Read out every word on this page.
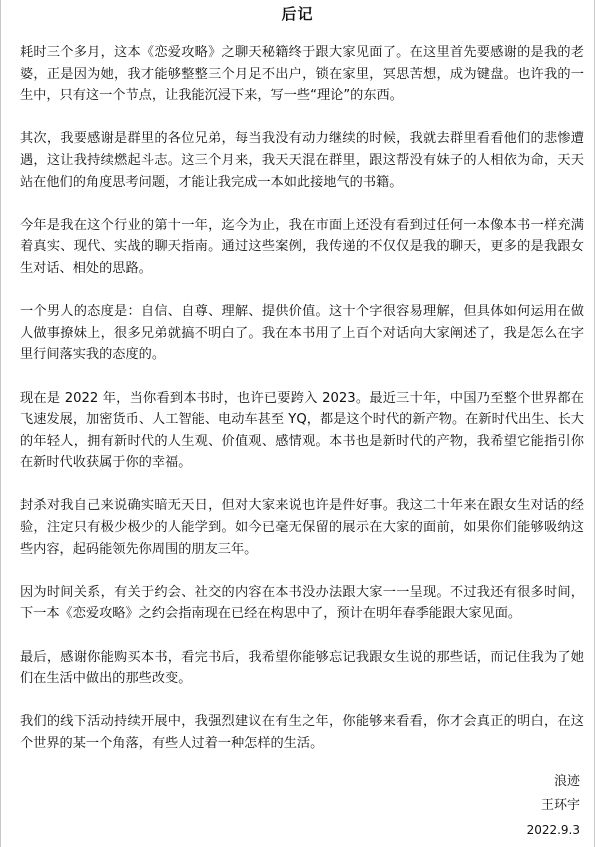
后记

耗时三个多月，这本《恋爱攻略》之聊天秘籍终于跟大家见面了。在这里首先要感谢的是我的老婆，正是因为她，我才能够整整三个月足不出户，锁在家里，冥思苦想，成为键盘。也许我的一生中，只有这一个节点，让我能沉浸下来，写一些“理论”的东西。

其次，我要感谢是群里的各位兄弟，每当我没有动力继续的时候，我就去群里看看他们的悲惨遭遇，这让我持续燃起斗志。这三个月来，我天天混在群里，跟这帮没有妹子的人相依为命，天天站在他们的角度思考问题，才能让我完成一本如此接地气的书籍。

今年是我在这个行业的第十一年，迄今为止，我在市面上还没有看到过任何一本像本书一样充满着真实、现代、实战的聊天指南。通过这些案例，我传递的不仅仅是我的聊天，更多的是我跟女生对话、相处的思路。

一个男人的态度是：自信、自尊、理解、提供价值。这十个字很容易理解，但具体如何运用在做人做事撩妹上，很多兄弟就搞不明白了。我在本书用了上百个对话向大家阐述了，我是怎么在字里行间落实我的态度的。

现在是 2022 年，当你看到本书时，也许已要跨入 2023。最近三十年，中国乃至整个世界都在飞速发展，加密货币、人工智能、电动车甚至 YQ，都是这个时代的新产物。在新时代出生、长大的年轻人，拥有新时代的人生观、价值观、感情观。本书也是新时代的产物，我希望它能指引你在新时代收获属于你的幸福。

封杀对我自己来说确实暗无天日，但对大家来说也许是件好事。我这二十年来在跟女生对话的经验，注定只有极少极少的人能学到。如今已毫无保留的展示在大家的面前，如果你们能够吸纳这些内容，起码能领先你周围的朋友三年。

因为时间关系，有关于约会、社交的内容在本书没办法跟大家一一呈现。不过我还有很多时间，下一本《恋爱攻略》之约会指南现在已经在构思中了，预计在明年春季能跟大家见面。

最后，感谢你能购买本书，看完书后，我希望你能够忘记我跟女生说的那些话，而记住我为了她们在生活中做出的那些改变。

我们的线下活动持续开展中，我强烈建议在有生之年，你能够来看看，你才会真正的明白，在这个世界的某一个角落，有些人过着一种怎样的生活。

浪迹
王环宇
2022.9.3
